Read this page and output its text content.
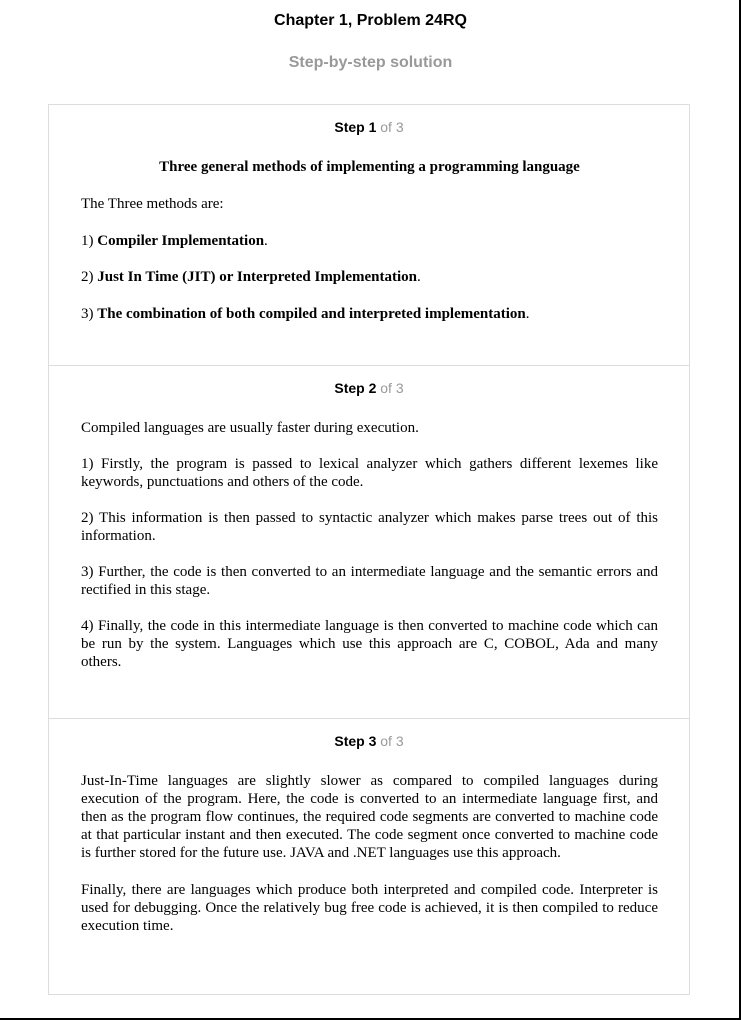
Chapter 1, Problem 24RQ
Step-by-step solution
Step 1 of 3

Three general methods of implementing a programming language

The Three methods are:

1) Compiler Implementation.

2) Just In Time (JIT) or Interpreted Implementation.

3) The combination of both compiled and interpreted implementation.

Step 2 of 3

Compiled languages are usually faster during execution.

1) Firstly, the program is passed to lexical analyzer which gathers different lexemes like keywords, punctuations and others of the code.

2) This information is then passed to syntactic analyzer which makes parse trees out of this information.

3) Further, the code is then converted to an intermediate language and the semantic errors and rectified in this stage.

4) Finally, the code in this intermediate language is then converted to machine code which can be run by the system. Languages which use this approach are C, COBOL, Ada and many others.

Step 3 of 3

Just-In-Time languages are slightly slower as compared to compiled languages during execution of the program. Here, the code is converted to an intermediate language first, and then as the program flow continues, the required code segments are converted to machine code at that particular instant and then executed. The code segment once converted to machine code is further stored for the future use. JAVA and .NET languages use this approach.

Finally, there are languages which produce both interpreted and compiled code. Interpreter is used for debugging. Once the relatively bug free code is achieved, it is then compiled to reduce execution time.
